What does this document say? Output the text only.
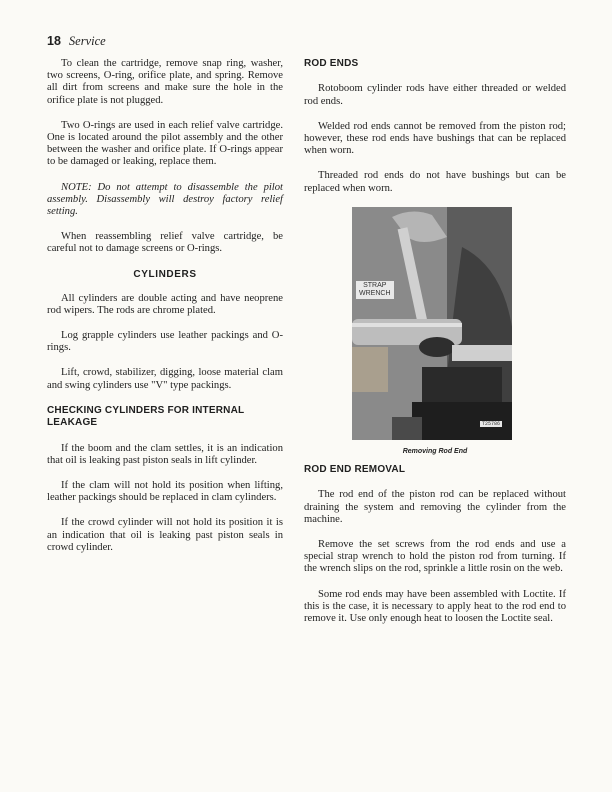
18 Service

To clean the cartridge, remove snap ring, washer, two screens, O-ring, orifice plate, and spring. Remove all dirt from screens and make sure the hole in the orifice plate is not plugged.

Two O-rings are used in each relief valve cartridge. One is located around the pilot assembly and the other between the washer and orifice plate. If O-rings appear to be damaged or leaking, replace them.

NOTE: Do not attempt to disassemble the pilot assembly. Disassembly will destroy factory relief setting.

When reassembling relief valve cartridge, be careful not to damage screens or O-rings.

CYLINDERS

All cylinders are double acting and have neoprene rod wipers. The rods are chrome plated.

Log grapple cylinders use leather packings and O-rings.

Lift, crowd, stabilizer, digging, loose material clam and swing cylinders use "V" type packings.

CHECKING CYLINDERS FOR INTERNAL LEAKAGE

If the boom and the clam settles, it is an indication that oil is leaking past piston seals in lift cylinder.

If the clam will not hold its position when lifting, leather packings should be replaced in clam cylinders.

If the crowd cylinder will not hold its position it is an indication that oil is leaking past piston seals in crowd cylinder.

ROD ENDS

Rotoboom cylinder rods have either threaded or welded rod ends.

Welded rod ends cannot be removed from the piston rod; however, these rod ends have bushings that can be replaced when worn.

Threaded rod ends do not have bushings but can be replaced when worn.

STRAP
WRENCH
T25786

Removing Rod End

ROD END REMOVAL

The rod end of the piston rod can be replaced without draining the system and removing the cylinder from the machine.

Remove the set screws from the rod ends and use a special strap wrench to hold the piston rod from turning. If the wrench slips on the rod, sprinkle a little rosin on the web.

Some rod ends may have been assembled with Loctite. If this is the case, it is necessary to apply heat to the rod end to remove it. Use only enough heat to loosen the Loctite seal.
